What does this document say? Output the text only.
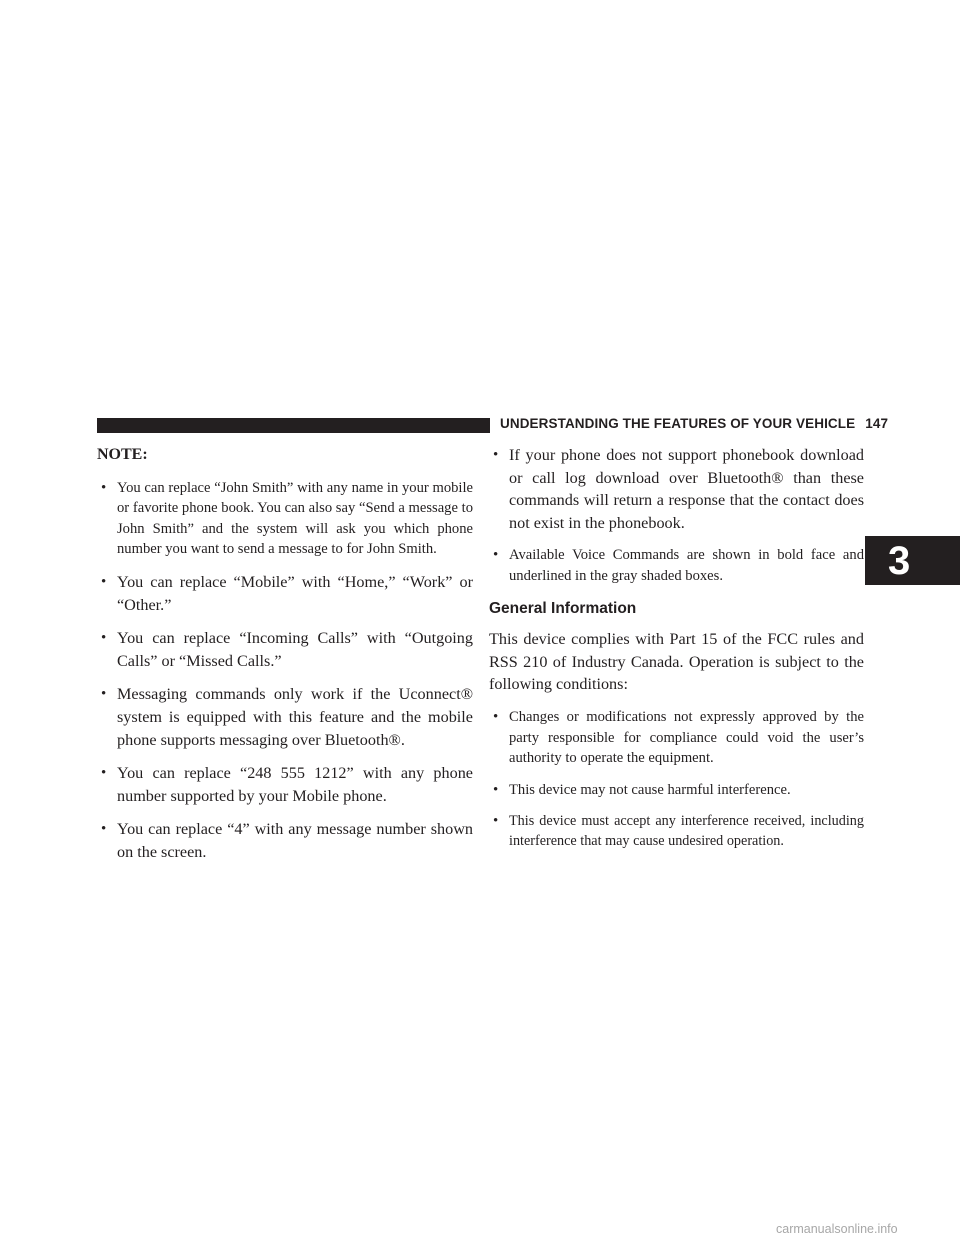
UNDERSTANDING THE FEATURES OF YOUR VEHICLE 147
NOTE:
• You can replace “John Smith” with any name in your mobile or favorite phone book. You can also say “Send a message to John Smith” and the system will ask you which phone number you want to send a message to for John Smith.
• You can replace “Mobile” with “Home,” “Work” or “Other.”
• You can replace “Incoming Calls” with “Outgoing Calls” or “Missed Calls.”
• Messaging commands only work if the Uconnect® system is equipped with this feature and the mobile phone supports messaging over Bluetooth®.
• You can replace “248 555 1212” with any phone number supported by your Mobile phone.
• You can replace “4” with any message number shown on the screen.
• If your phone does not support phonebook download or call log download over Bluetooth® than these commands will return a response that the contact does not exist in the phonebook.
• Available Voice Commands are shown in bold face and underlined in the gray shaded boxes.
General Information

This device complies with Part 15 of the FCC rules and RSS 210 of Industry Canada. Operation is subject to the following conditions:

• Changes or modifications not expressly approved by the party responsible for compliance could void the user’s authority to operate the equipment.
• This device may not cause harmful interference.
• This device must accept any interference received, including interference that may cause undesired operation.
3
carmanualsonline.info
